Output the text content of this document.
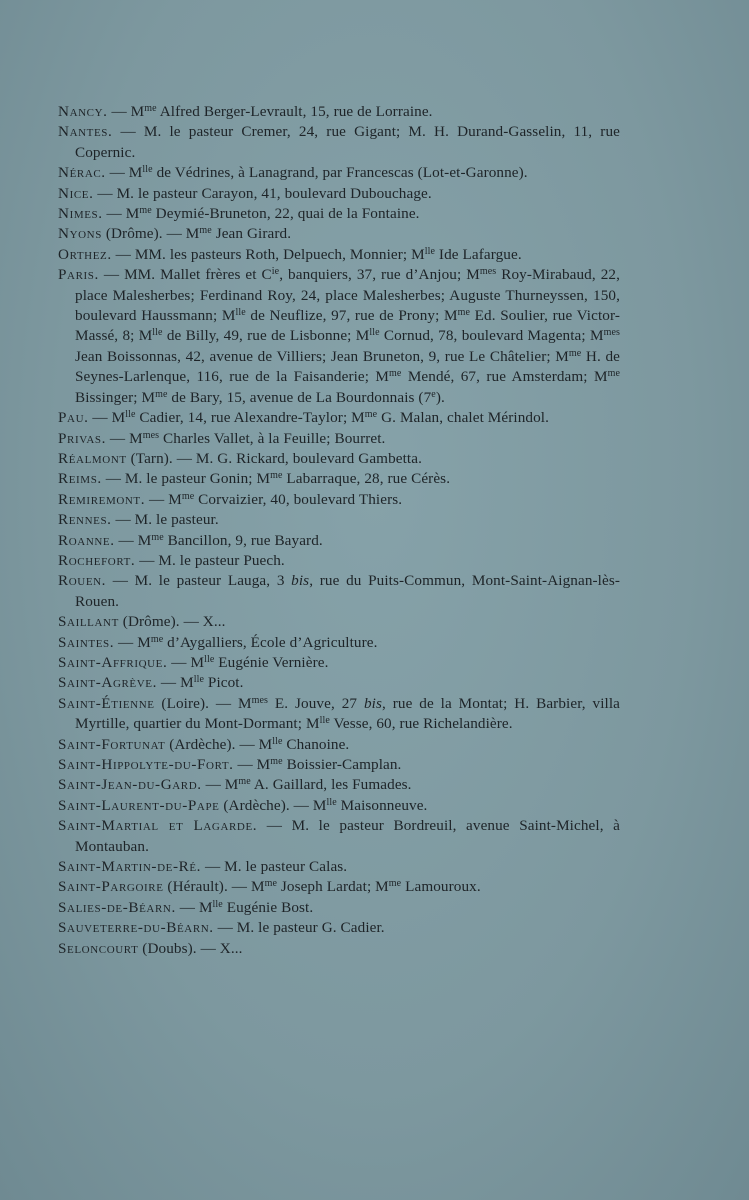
Nancy. — $M^{me}$ Alfred Berger-Levrault, 15, rue de Lorraine.
Nantes. — M. le pasteur Cremer, 24, rue Gigant; M. H. Durand-Gasselin, 11, rue Copernic.
Nérac. — $M^{lle}$ de Védrines, à Lanagrand, par Francescas (Lot-et-Garonne).
Nice. — M. le pasteur Carayon, 41, boulevard Dubouchage.
Nimes. — $M^{me}$ Deymié-Bruneton, 22, quai de la Fontaine.
Nyons (Drôme). — $M^{me}$ Jean Girard.
Orthez. — MM. les pasteurs Roth, Delpuech, Monnier; $M^{lle}$ Ide Lafargue.
Paris. — MM. Mallet frères et $C^{ie}$, banquiers, 37, rue d’Anjou; $M^{mes}$ Roy-Mirabaud, 22, place Malesherbes; Ferdinand Roy, 24, place Malesherbes; Auguste Thurneyssen, 150, boulevard Haussmann; $M^{lle}$ de Neuflize, 97, rue de Prony; $M^{me}$ Ed. Soulier, rue Victor-Massé, 8; $M^{lle}$ de Billy, 49, rue de Lisbonne; $M^{lle}$ Cornud, 78, boulevard Magenta; $M^{mes}$ Jean Boissonnas, 42, avenue de Villiers; Jean Bruneton, 9, rue Le Châtelier; $M^{me}$ H. de Seynes-Larlenque, 116, rue de la Faisanderie; $M^{me}$ Mendé, 67, rue Amsterdam; $M^{me}$ Bissinger; $M^{me}$ de Bary, 15, avenue de La Bourdonnais (7e).
Pau. — $M^{lle}$ Cadier, 14, rue Alexandre-Taylor; $M^{me}$ G. Malan, chalet Mérindol.
Privas. — $M^{mes}$ Charles Vallet, à la Feuille; Bourret.
Réalmont (Tarn). — M. G. Rickard, boulevard Gambetta.
Reims. — M. le pasteur Gonin; $M^{me}$ Labarraque, 28, rue Cérès.
Remiremont. — $M^{me}$ Corvaizier, 40, boulevard Thiers.
Rennes. — M. le pasteur.
Roanne. — $M^{me}$ Bancillon, 9, rue Bayard.
Rochefort. — M. le pasteur Puech.
Rouen. — M. le pasteur Lauga, 3 bis, rue du Puits-Commun, Mont-Saint-Aignan-lès-Rouen.
Saillant (Drôme). — X...
Saintes. — $M^{me}$ d’Aygalliers, École d’Agriculture.
Saint-Affrique. — $M^{lle}$ Eugénie Vernière.
Saint-Agrève. — $M^{lle}$ Picot.
Saint-Étienne (Loire). — $M^{mes}$ E. Jouve, 27 bis, rue de la Montat; H. Barbier, villa Myrtille, quartier du Mont-Dormant; $M^{lle}$ Vesse, 60, rue Richelandière.
Saint-Fortunat (Ardèche). — $M^{lle}$ Chanoine.
Saint-Hippolyte-du-Fort. — $M^{me}$ Boissier-Camplan.
Saint-Jean-du-Gard. — $M^{me}$ A. Gaillard, les Fumades.
Saint-Laurent-du-Pape (Ardèche). — $M^{lle}$ Maisonneuve.
Saint-Martial et Lagarde. — M. le pasteur Bordreuil, avenue Saint-Michel, à Montauban.
Saint-Martin-de-Ré. — M. le pasteur Calas.
Saint-Pargoire (Hérault). — $M^{me}$ Joseph Lardat; $M^{me}$ Lamouroux.
Salies-de-Béarn. — $M^{lle}$ Eugénie Bost.
Sauveterre-du-Béarn. — M. le pasteur G. Cadier.
Seloncourt (Doubs). — X...
